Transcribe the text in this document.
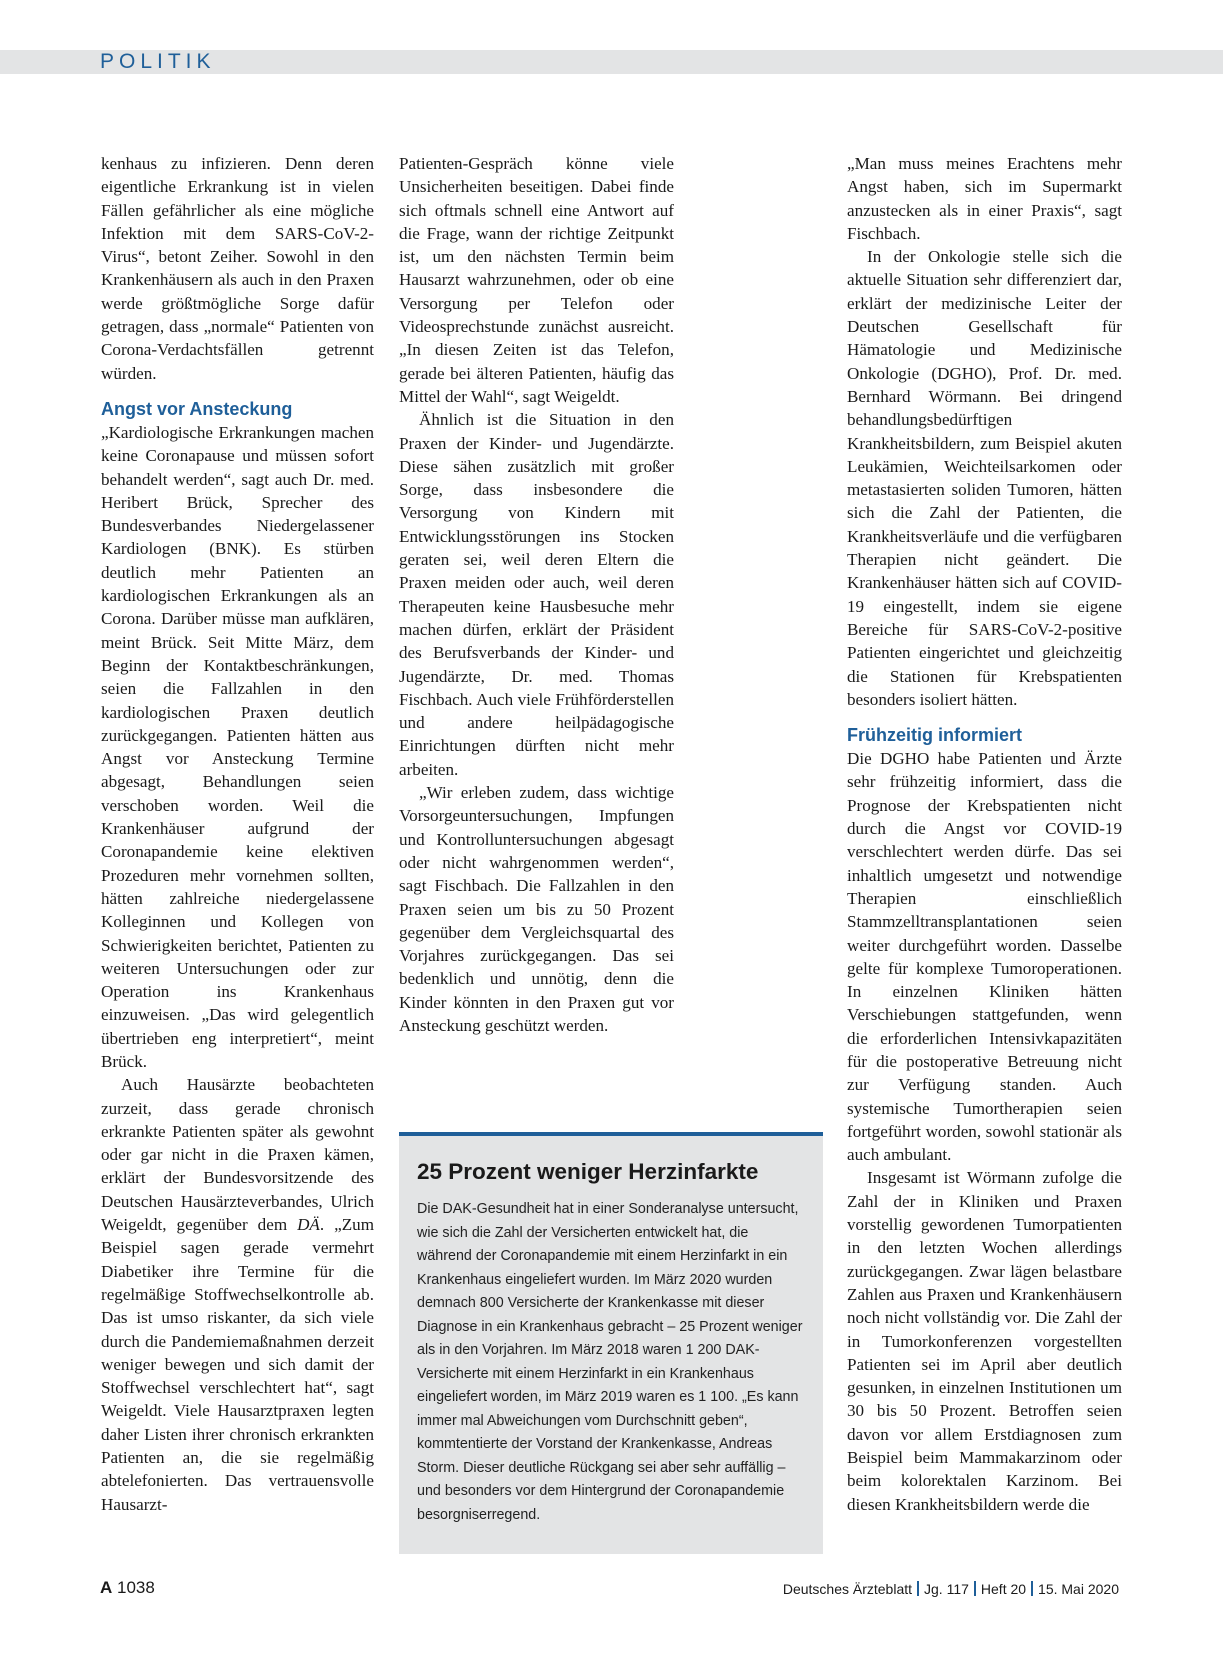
POLITIK

kenhaus zu infizieren. Denn deren eigentliche Erkrankung ist in vielen Fällen gefährlicher als eine mögliche Infektion mit dem SARS-CoV-2-Virus“, betont Zeiher. Sowohl in den Krankenhäusern als auch in den Praxen werde größtmögliche Sorge dafür getragen, dass „normale“ Patienten von Corona-Verdachtsfällen getrennt würden.

Angst vor Ansteckung

„Kardiologische Erkrankungen machen keine Coronapause und müssen sofort behandelt werden“, sagt auch Dr. med. Heribert Brück, Sprecher des Bundesverbandes Niedergelassener Kardiologen (BNK). Es stürben deutlich mehr Patienten an kardiologischen Erkrankungen als an Corona. Darüber müsse man aufklären, meint Brück. Seit Mitte März, dem Beginn der Kontaktbeschränkungen, seien die Fallzahlen in den kardiologischen Praxen deutlich zurückgegangen. Patienten hätten aus Angst vor Ansteckung Termine abgesagt, Behandlungen seien verschoben worden. Weil die Krankenhäuser aufgrund der Coronapandemie keine elektiven Prozeduren mehr vornehmen sollten, hätten zahlreiche niedergelassene Kolleginnen und Kollegen von Schwierigkeiten berichtet, Patienten zu weiteren Untersuchungen oder zur Operation ins Krankenhaus einzuweisen. „Das wird gelegentlich übertrieben eng interpretiert“, meint Brück.

Auch Hausärzte beobachteten zurzeit, dass gerade chronisch erkrankte Patienten später als gewohnt oder gar nicht in die Praxen kämen, erklärt der Bundesvorsitzende des Deutschen Hausärzteverbandes, Ulrich Weigeldt, gegenüber dem DÄ. „Zum Beispiel sagen gerade vermehrt Diabetiker ihre Termine für die regelmäßige Stoffwechselkontrolle ab. Das ist umso riskanter, da sich viele durch die Pandemiemaßnahmen derzeit weniger bewegen und sich damit der Stoffwechsel verschlechtert hat“, sagt Weigeldt. Viele Hausarztpraxen legten daher Listen ihrer chronisch erkrankten Patienten an, die sie regelmäßig abtelefonierten. Das vertrauensvolle Hausarzt-

Patienten-Gespräch könne viele Unsicherheiten beseitigen. Dabei finde sich oftmals schnell eine Antwort auf die Frage, wann der richtige Zeitpunkt ist, um den nächsten Termin beim Hausarzt wahrzunehmen, oder ob eine Versorgung per Telefon oder Videosprechstunde zunächst ausreicht. „In diesen Zeiten ist das Telefon, gerade bei älteren Patienten, häufig das Mittel der Wahl“, sagt Weigeldt.

Ähnlich ist die Situation in den Praxen der Kinder- und Jugendärzte. Diese sähen zusätzlich mit großer Sorge, dass insbesondere die Versorgung von Kindern mit Entwicklungsstörungen ins Stocken geraten sei, weil deren Eltern die Praxen meiden oder auch, weil deren Therapeuten keine Hausbesuche mehr machen dürfen, erklärt der Präsident des Berufsverbands der Kinder- und Jugendärzte, Dr. med. Thomas Fischbach. Auch viele Frühförderstellen und andere heilpädagogische Einrichtungen dürften nicht mehr arbeiten.

„Wir erleben zudem, dass wichtige Vorsorgeuntersuchungen, Impfungen und Kontrolluntersuchungen abgesagt oder nicht wahrgenommen werden“, sagt Fischbach. Die Fallzahlen in den Praxen seien um bis zu 50 Prozent gegenüber dem Vergleichsquartal des Vorjahres zurückgegangen. Das sei bedenklich und unnötig, denn die Kinder könnten in den Praxen gut vor Ansteckung geschützt werden.

„Man muss meines Erachtens mehr Angst haben, sich im Supermarkt anzustecken als in einer Praxis“, sagt Fischbach.

In der Onkologie stelle sich die aktuelle Situation sehr differenziert dar, erklärt der medizinische Leiter der Deutschen Gesellschaft für Hämatologie und Medizinische Onkologie (DGHO), Prof. Dr. med. Bernhard Wörmann. Bei dringend behandlungsbedürftigen Krankheitsbildern, zum Beispiel akuten Leukämien, Weichteilsarkomen oder metastasierten soliden Tumoren, hätten sich die Zahl der Patienten, die Krankheitsverläufe und die verfügbaren Therapien nicht geändert. Die Krankenhäuser hätten sich auf COVID-19 eingestellt, indem sie eigene Bereiche für SARS-CoV-2-positive Patienten eingerichtet und gleichzeitig die Stationen für Krebspatienten besonders isoliert hätten.

Frühzeitig informiert

Die DGHO habe Patienten und Ärzte sehr frühzeitig informiert, dass die Prognose der Krebspatienten nicht durch die Angst vor COVID-19 verschlechtert werden dürfe. Das sei inhaltlich umgesetzt und notwendige Therapien einschließlich Stammzelltransplantationen seien weiter durchgeführt worden. Dasselbe gelte für komplexe Tumoroperationen. In einzelnen Kliniken hätten Verschiebungen stattgefunden, wenn die erforderlichen Intensivkapazitäten für die postoperative Betreuung nicht zur Verfügung standen. Auch systemische Tumortherapien seien fortgeführt worden, sowohl stationär als auch ambulant.

Insgesamt ist Wörmann zufolge die Zahl der in Kliniken und Praxen vorstellig gewordenen Tumorpatienten in den letzten Wochen allerdings zurückgegangen. Zwar lägen belastbare Zahlen aus Praxen und Krankenhäusern noch nicht vollständig vor. Die Zahl der in Tumorkonferenzen vorgestellten Patienten sei im April aber deutlich gesunken, in einzelnen Institutionen um 30 bis 50 Prozent. Betroffen seien davon vor allem Erstdiagnosen zum Beispiel beim Mammakarzinom oder beim kolorektalen Karzinom. Bei diesen Krankheitsbildern werde die

25 Prozent weniger Herzinfarkte

Die DAK-Gesundheit hat in einer Sonderanalyse untersucht, wie sich die Zahl der Versicherten entwickelt hat, die während der Coronapandemie mit einem Herzinfarkt in ein Krankenhaus eingeliefert wurden. Im März 2020 wurden demnach 800 Versicherte der Krankenkasse mit dieser Diagnose in ein Krankenhaus gebracht – 25 Prozent weniger als in den Vorjahren. Im März 2018 waren 1 200 DAK-Versicherte mit einem Herzinfarkt in ein Krankenhaus eingeliefert worden, im März 2019 waren es 1 100. „Es kann immer mal Abweichungen vom Durchschnitt geben“, kommtentierte der Vorstand der Krankenkasse, Andreas Storm. Dieser deutliche Rückgang sei aber sehr auffällig – und besonders vor dem Hintergrund der Coronapandemie besorgniserregend.

A 1038	Deutsches Ärzteblatt Jg. 117 Heft 20 15. Mai 2020
